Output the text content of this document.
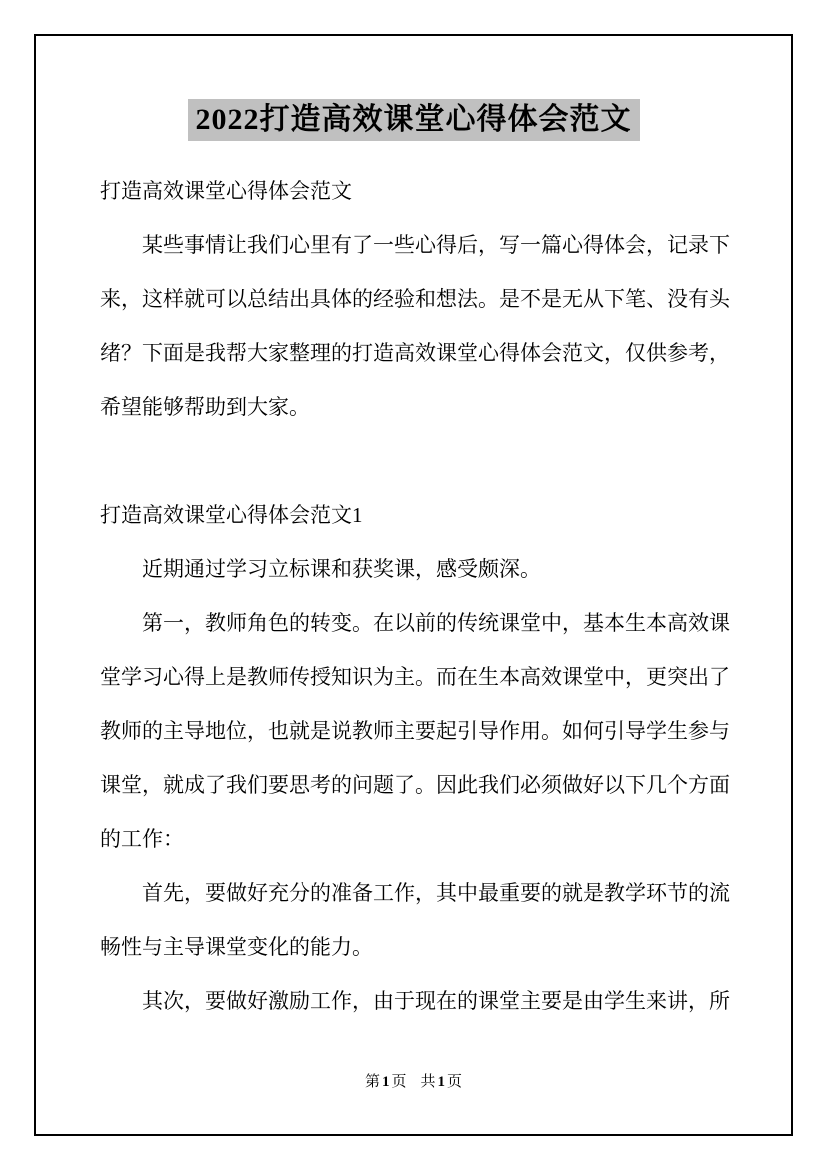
2022打造高效课堂心得体会范文
打造高效课堂心得体会范文
某些事情让我们心里有了一些心得后，写一篇心得体会，记录下
来，这样就可以总结出具体的经验和想法。是不是无从下笔、没有头
绪？下面是我帮大家整理的打造高效课堂心得体会范文，仅供参考，
希望能够帮助到大家。

打造高效课堂心得体会范文1
近期通过学习立标课和获奖课，感受颇深。
第一，教师角色的转变。在以前的传统课堂中，基本生本高效课
堂学习心得上是教师传授知识为主。而在生本高效课堂中，更突出了
教师的主导地位，也就是说教师主要起引导作用。如何引导学生参与
课堂，就成了我们要思考的问题了。因此我们必须做好以下几个方面
的工作：
首先，要做好充分的准备工作，其中最重要的就是教学环节的流
畅性与主导课堂变化的能力。
其次，要做好激励工作，由于现在的课堂主要是由学生来讲，所
第 1 页 共 1 页
